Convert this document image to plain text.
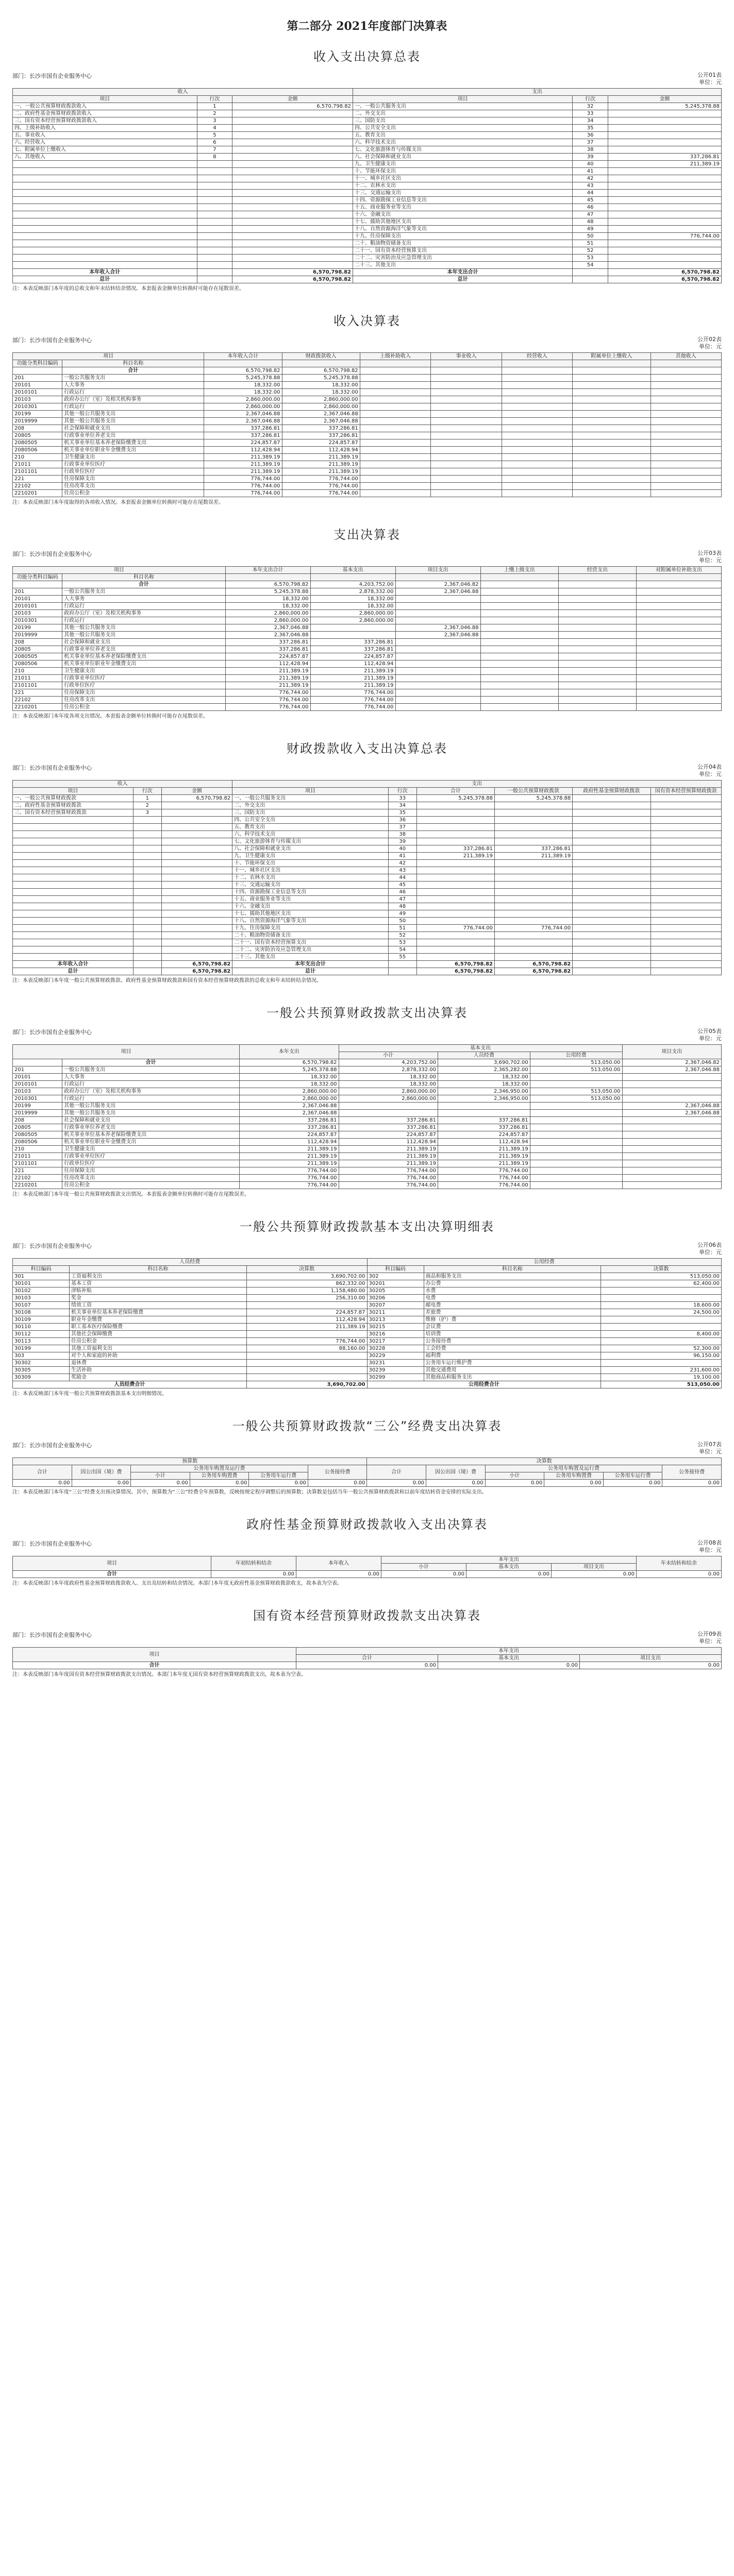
第二部分 2021年度部门决算表
收入支出决算总表
部门：长沙市国有企业服务中心	公开01表
单位：元
收入			支出		
项目	行次	金额	项目	行次	金额
一、一般公共预算财政拨款收入	1	6,570,798.82	一、一般公共服务支出	32	5,245,378.88
二、政府性基金预算财政拨款收入	2		二、外交支出	33	
三、国有资本经营预算财政拨款收入	3		三、国防支出	34	
四、上级补助收入	4		四、公共安全支出	35	
五、事业收入	5		五、教育支出	36	
六、经营收入	6		六、科学技术支出	37	
七、附属单位上缴收入	7		七、文化旅游体育与传媒支出	38	
八、其他收入	8		八、社会保障和就业支出	39	337,286.81
			九、卫生健康支出	40	211,389.19
			十、节能环保支出	41	
			十一、城乡社区支出	42	
			十二、农林水支出	43	
			十三、交通运输支出	44	
			十四、资源勘探工业信息等支出	45	
			十五、商业服务业等支出	46	
			十六、金融支出	47	
			十七、援助其他地区支出	48	
			十八、自然资源海洋气象等支出	49	
			十九、住房保障支出	50	776,744.00
			二十、粮油物资储备支出	51	
			二十一、国有资本经营预算支出	52	
			二十二、灾害防治及应急管理支出	53	
			二十三、其他支出	54	
本年收入合计		6,570,798.82	本年支出合计		6,570,798.82
总计		6,570,798.82	总计		6,570,798.82
注：本表反映部门本年度的总收支和年末结转结余情况。本套报表金额单位转换时可能存在尾数误差。
收入决算表
部门：长沙市国有企业服务中心	公开02表
单位：元
项目		本年收入合计	财政拨款收入	上级补助收入	事业收入	经营收入	附属单位上缴收入	其他收入
功能分类科目编码	科目名称							
	合计	6,570,798.82	6,570,798.82					
201	一般公共服务支出	5,245,378.88	5,245,378.88					
20101	人大事务	18,332.00	18,332.00					
2010101	行政运行	18,332.00	18,332.00					
20103	政府办公厅（室）及相关机构事务	2,860,000.00	2,860,000.00					
2010301	行政运行	2,860,000.00	2,860,000.00					
20199	其他一般公共服务支出	2,367,046.88	2,367,046.88					
2019999	其他一般公共服务支出	2,367,046.88	2,367,046.88					
208	社会保障和就业支出	337,286.81	337,286.81					
20805	行政事业单位养老支出	337,286.81	337,286.81					
2080505	机关事业单位基本养老保险缴费支出	224,857.87	224,857.87					
2080506	机关事业单位职业年金缴费支出	112,428.94	112,428.94					
210	卫生健康支出	211,389.19	211,389.19					
21011	行政事业单位医疗	211,389.19	211,389.19					
2101101	行政单位医疗	211,389.19	211,389.19					
221	住房保障支出	776,744.00	776,744.00					
22102	住房改革支出	776,744.00	776,744.00					
2210201	住房公积金	776,744.00	776,744.00					
注：本表反映部门本年度取得的各项收入情况。本套报表金额单位转换时可能存在尾数误差。
支出决算表
部门：长沙市国有企业服务中心	公开03表
单位：元
项目		本年支出合计	基本支出	项目支出	上缴上级支出	经营支出	对附属单位补助支出
功能分类科目编码	科目名称						
	合计	6,570,798.82	4,203,752.00	2,367,046.82			
201	一般公共服务支出	5,245,378.88	2,878,332.00	2,367,046.88			
20101	人大事务	18,332.00	18,332.00				
2010101	行政运行	18,332.00	18,332.00				
20103	政府办公厅（室）及相关机构事务	2,860,000.00	2,860,000.00				
2010301	行政运行	2,860,000.00	2,860,000.00				
20199	其他一般公共服务支出	2,367,046.88		2,367,046.88			
2019999	其他一般公共服务支出	2,367,046.88		2,367,046.88			
208	社会保障和就业支出	337,286.81	337,286.81				
20805	行政事业单位养老支出	337,286.81	337,286.81				
2080505	机关事业单位基本养老保险缴费支出	224,857.87	224,857.87				
2080506	机关事业单位职业年金缴费支出	112,428.94	112,428.94				
210	卫生健康支出	211,389.19	211,389.19				
21011	行政事业单位医疗	211,389.19	211,389.19				
2101101	行政单位医疗	211,389.19	211,389.19				
221	住房保障支出	776,744.00	776,744.00				
22102	住房改革支出	776,744.00	776,744.00				
2210201	住房公积金	776,744.00	776,744.00				
注：本表反映部门本年度各项支出情况。本套报表金额单位转换时可能存在尾数误差。
财政拨款收入支出决算总表
部门：长沙市国有企业服务中心	公开04表
单位：元
收入			支出					
项目	行次	金额	项目	行次	合计	一般公共预算财政拨款	政府性基金预算财政拨款	国有资本经营预算财政拨款
一、一般公共预算财政拨款	1	6,570,798.82	一、一般公共服务支出	33	5,245,378.88	5,245,378.88		
二、政府性基金预算财政拨款	2		二、外交支出	34				
三、国有资本经营预算财政拨款	3		三、国防支出	35				
			四、公共安全支出	36				
			五、教育支出	37				
			六、科学技术支出	38				
			七、文化旅游体育与传媒支出	39				
			八、社会保障和就业支出	40	337,286.81	337,286.81		
			九、卫生健康支出	41	211,389.19	211,389.19		
			十、节能环保支出	42				
			十一、城乡社区支出	43				
			十二、农林水支出	44				
			十三、交通运输支出	45				
			十四、资源勘探工业信息等支出	46				
			十五、商业服务业等支出	47				
			十六、金融支出	48				
			十七、援助其他地区支出	49				
			十八、自然资源海洋气象等支出	50				
			十九、住房保障支出	51	776,744.00	776,744.00		
			二十、粮油物资储备支出	52				
			二十一、国有资本经营预算支出	53				
			二十二、灾害防治及应急管理支出	54				
			二十三、其他支出	55				
本年收入合计		6,570,798.82	本年支出合计		6,570,798.82	6,570,798.82		
总计		6,570,798.82	总计		6,570,798.82	6,570,798.82		
注：本表反映部门本年度一般公共预算财政拨款、政府性基金预算财政拨款和国有资本经营预算财政拨款的总收支和年末结转结余情况。
一般公共预算财政拨款支出决算表
部门：长沙市国有企业服务中心	公开05表
单位：元
项目		本年支出	基本支出			项目支出
			小计	人员经费	公用经费	
	合计	6,570,798.82	4,203,752.00	3,690,702.00	513,050.00	2,367,046.82
201	一般公共服务支出	5,245,378.88	2,878,332.00	2,365,282.00	513,050.00	2,367,046.88
20101	人大事务	18,332.00	18,332.00	18,332.00		
2010101	行政运行	18,332.00	18,332.00	18,332.00		
20103	政府办公厅（室）及相关机构事务	2,860,000.00	2,860,000.00	2,346,950.00	513,050.00	
2010301	行政运行	2,860,000.00	2,860,000.00	2,346,950.00	513,050.00	
20199	其他一般公共服务支出	2,367,046.88				2,367,046.88
2019999	其他一般公共服务支出	2,367,046.88				2,367,046.88
208	社会保障和就业支出	337,286.81	337,286.81	337,286.81		
20805	行政事业单位养老支出	337,286.81	337,286.81	337,286.81		
2080505	机关事业单位基本养老保险缴费支出	224,857.87	224,857.87	224,857.87		
2080506	机关事业单位职业年金缴费支出	112,428.94	112,428.94	112,428.94		
210	卫生健康支出	211,389.19	211,389.19	211,389.19		
21011	行政事业单位医疗	211,389.19	211,389.19	211,389.19		
2101101	行政单位医疗	211,389.19	211,389.19	211,389.19		
221	住房保障支出	776,744.00	776,744.00	776,744.00		
22102	住房改革支出	776,744.00	776,744.00	776,744.00		
2210201	住房公积金	776,744.00	776,744.00	776,744.00		
注：本表反映部门本年度一般公共预算财政拨款支出情况。本套报表金额单位转换时可能存在尾数误差。
一般公共预算财政拨款基本支出决算明细表
部门：长沙市国有企业服务中心	公开06表
单位：元
人员经费			公用经费		
科目编码	科目名称	决算数	科目编码	科目名称	决算数
301	工资福利支出	3,690,702.00	302	商品和服务支出	513,050.00
30101	基本工资	862,332.00	30201	办公费	62,400.00
30102	津贴补贴	1,158,480.00	30205	水费	
30103	奖金	256,310.00	30206	电费	
30107	绩效工资		30207	邮电费	18,600.00
30108	机关事业单位基本养老保险缴费	224,857.87	30211	差旅费	24,500.00
30109	职业年金缴费	112,428.94	30213	维修（护）费	
30110	职工基本医疗保险缴费	211,389.19	30215	会议费	
30112	其他社会保障缴费		30216	培训费	8,400.00
30113	住房公积金	776,744.00	30217	公务接待费	
30199	其他工资福利支出	88,160.00	30228	工会经费	52,300.00
303	对个人和家庭的补助		30229	福利费	96,150.00
30302	退休费		30231	公务用车运行维护费	
30305	生活补助		30239	其他交通费用	231,600.00
30309	奖励金		30299	其他商品和服务支出	19,100.00
人员经费合计		3,690,702.00	公用经费合计		513,050.00
注：本表反映部门本年度一般公共预算财政拨款基本支出明细情况。
一般公共预算财政拨款“三公”经费支出决算表
部门：长沙市国有企业服务中心	公开07表
单位：元
预算数						决算数					
合计	因公出国（境）费	公务用车购置及运行费			公务接待费	合计	因公出国（境）费	公务用车购置及运行费			公务接待费
		小计	公务用车购置费	公务用车运行费				小计	公务用车购置费	公务用车运行费	
0.00	0.00	0.00	0.00	0.00	0.00	0.00	0.00	0.00	0.00	0.00	0.00
注：本表反映部门本年度“三公”经费支出预决算情况。其中，预算数为“三公”经费全年预算数，反映按规定程序调整后的预算数；决算数是包括当年一般公共预算财政拨款和以前年度结转资金安排的实际支出。
政府性基金预算财政拨款收入支出决算表
部门：长沙市国有企业服务中心	公开08表
单位：元
项目	年初结转和结余	本年收入	本年支出			年末结转和结余
			小计	基本支出	项目支出	
合计	0.00	0.00	0.00	0.00	0.00	0.00
注：本表反映部门本年度政府性基金预算财政拨款收入、支出及结转和结余情况。本部门本年度无政府性基金预算财政拨款收支，故本表为空表。
国有资本经营预算财政拨款支出决算表
部门：长沙市国有企业服务中心	公开09表
单位：元
项目	本年支出		
	合计	基本支出	项目支出
合计	0.00	0.00	0.00
注：本表反映部门本年度国有资本经营预算财政拨款支出情况。本部门本年度无国有资本经营预算财政拨款支出，故本表为空表。
